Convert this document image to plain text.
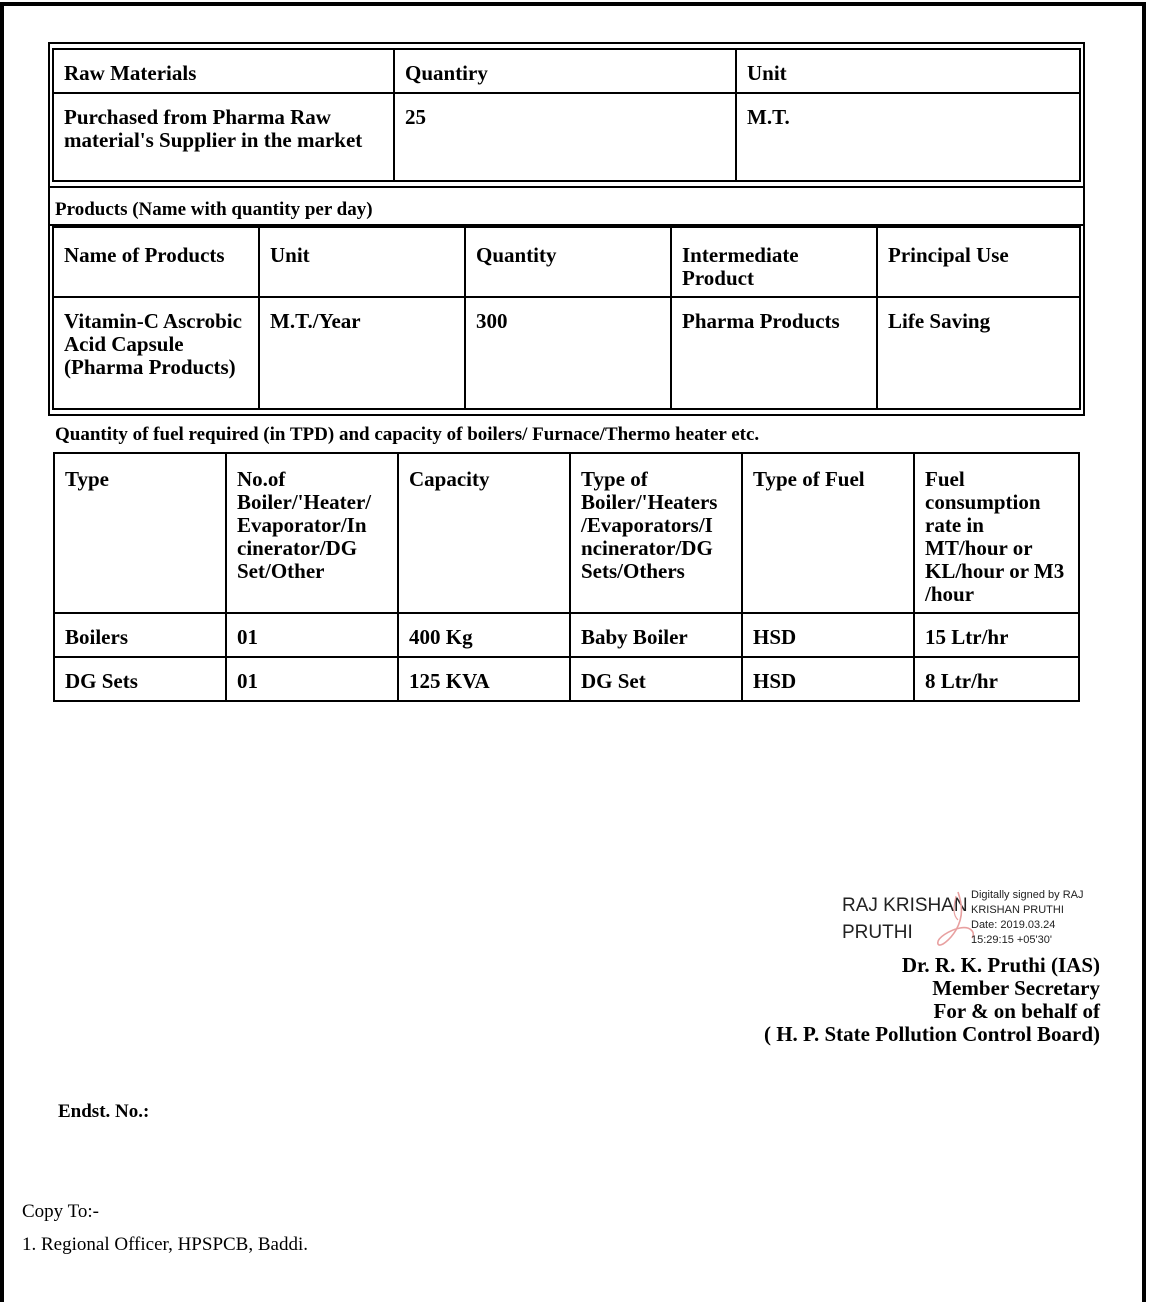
Raw Materials	Quantiry	Unit
Purchased from Pharma Raw material's Supplier in the market	25	M.T.
Products (Name with quantity per day)
Name of Products	Unit	Quantity	Intermediate Product	Principal Use
Vitamin-C Ascrobic Acid Capsule (Pharma Products)	M.T./Year	300	Pharma Products	Life Saving
Quantity of fuel required (in TPD) and capacity of boilers/ Furnace/Thermo heater etc.
Type	No.of Boiler/'Heater/ Evaporator/In cinerator/DG Set/Other	Capacity	Type of Boiler/'Heaters /Evaporators/I ncinerator/DG Sets/Others	Type of Fuel	Fuel consumption rate in MT/hour or KL/hour or M3 /hour
Boilers	01	400 Kg	Baby Boiler	HSD	15 Ltr/hr
DG Sets	01	125 KVA	DG Set	HSD	8 Ltr/hr
RAJ KRISHAN
PRUTHI
Digitally signed by RAJ
KRISHAN PRUTHI
Date: 2019.03.24
15:29:15 +05'30'
Dr. R. K. Pruthi (IAS)
Member Secretary
For & on behalf of
( H. P. State Pollution Control Board)
Endst. No.:
Copy To:-
1. Regional Officer, HPSPCB, Baddi.
